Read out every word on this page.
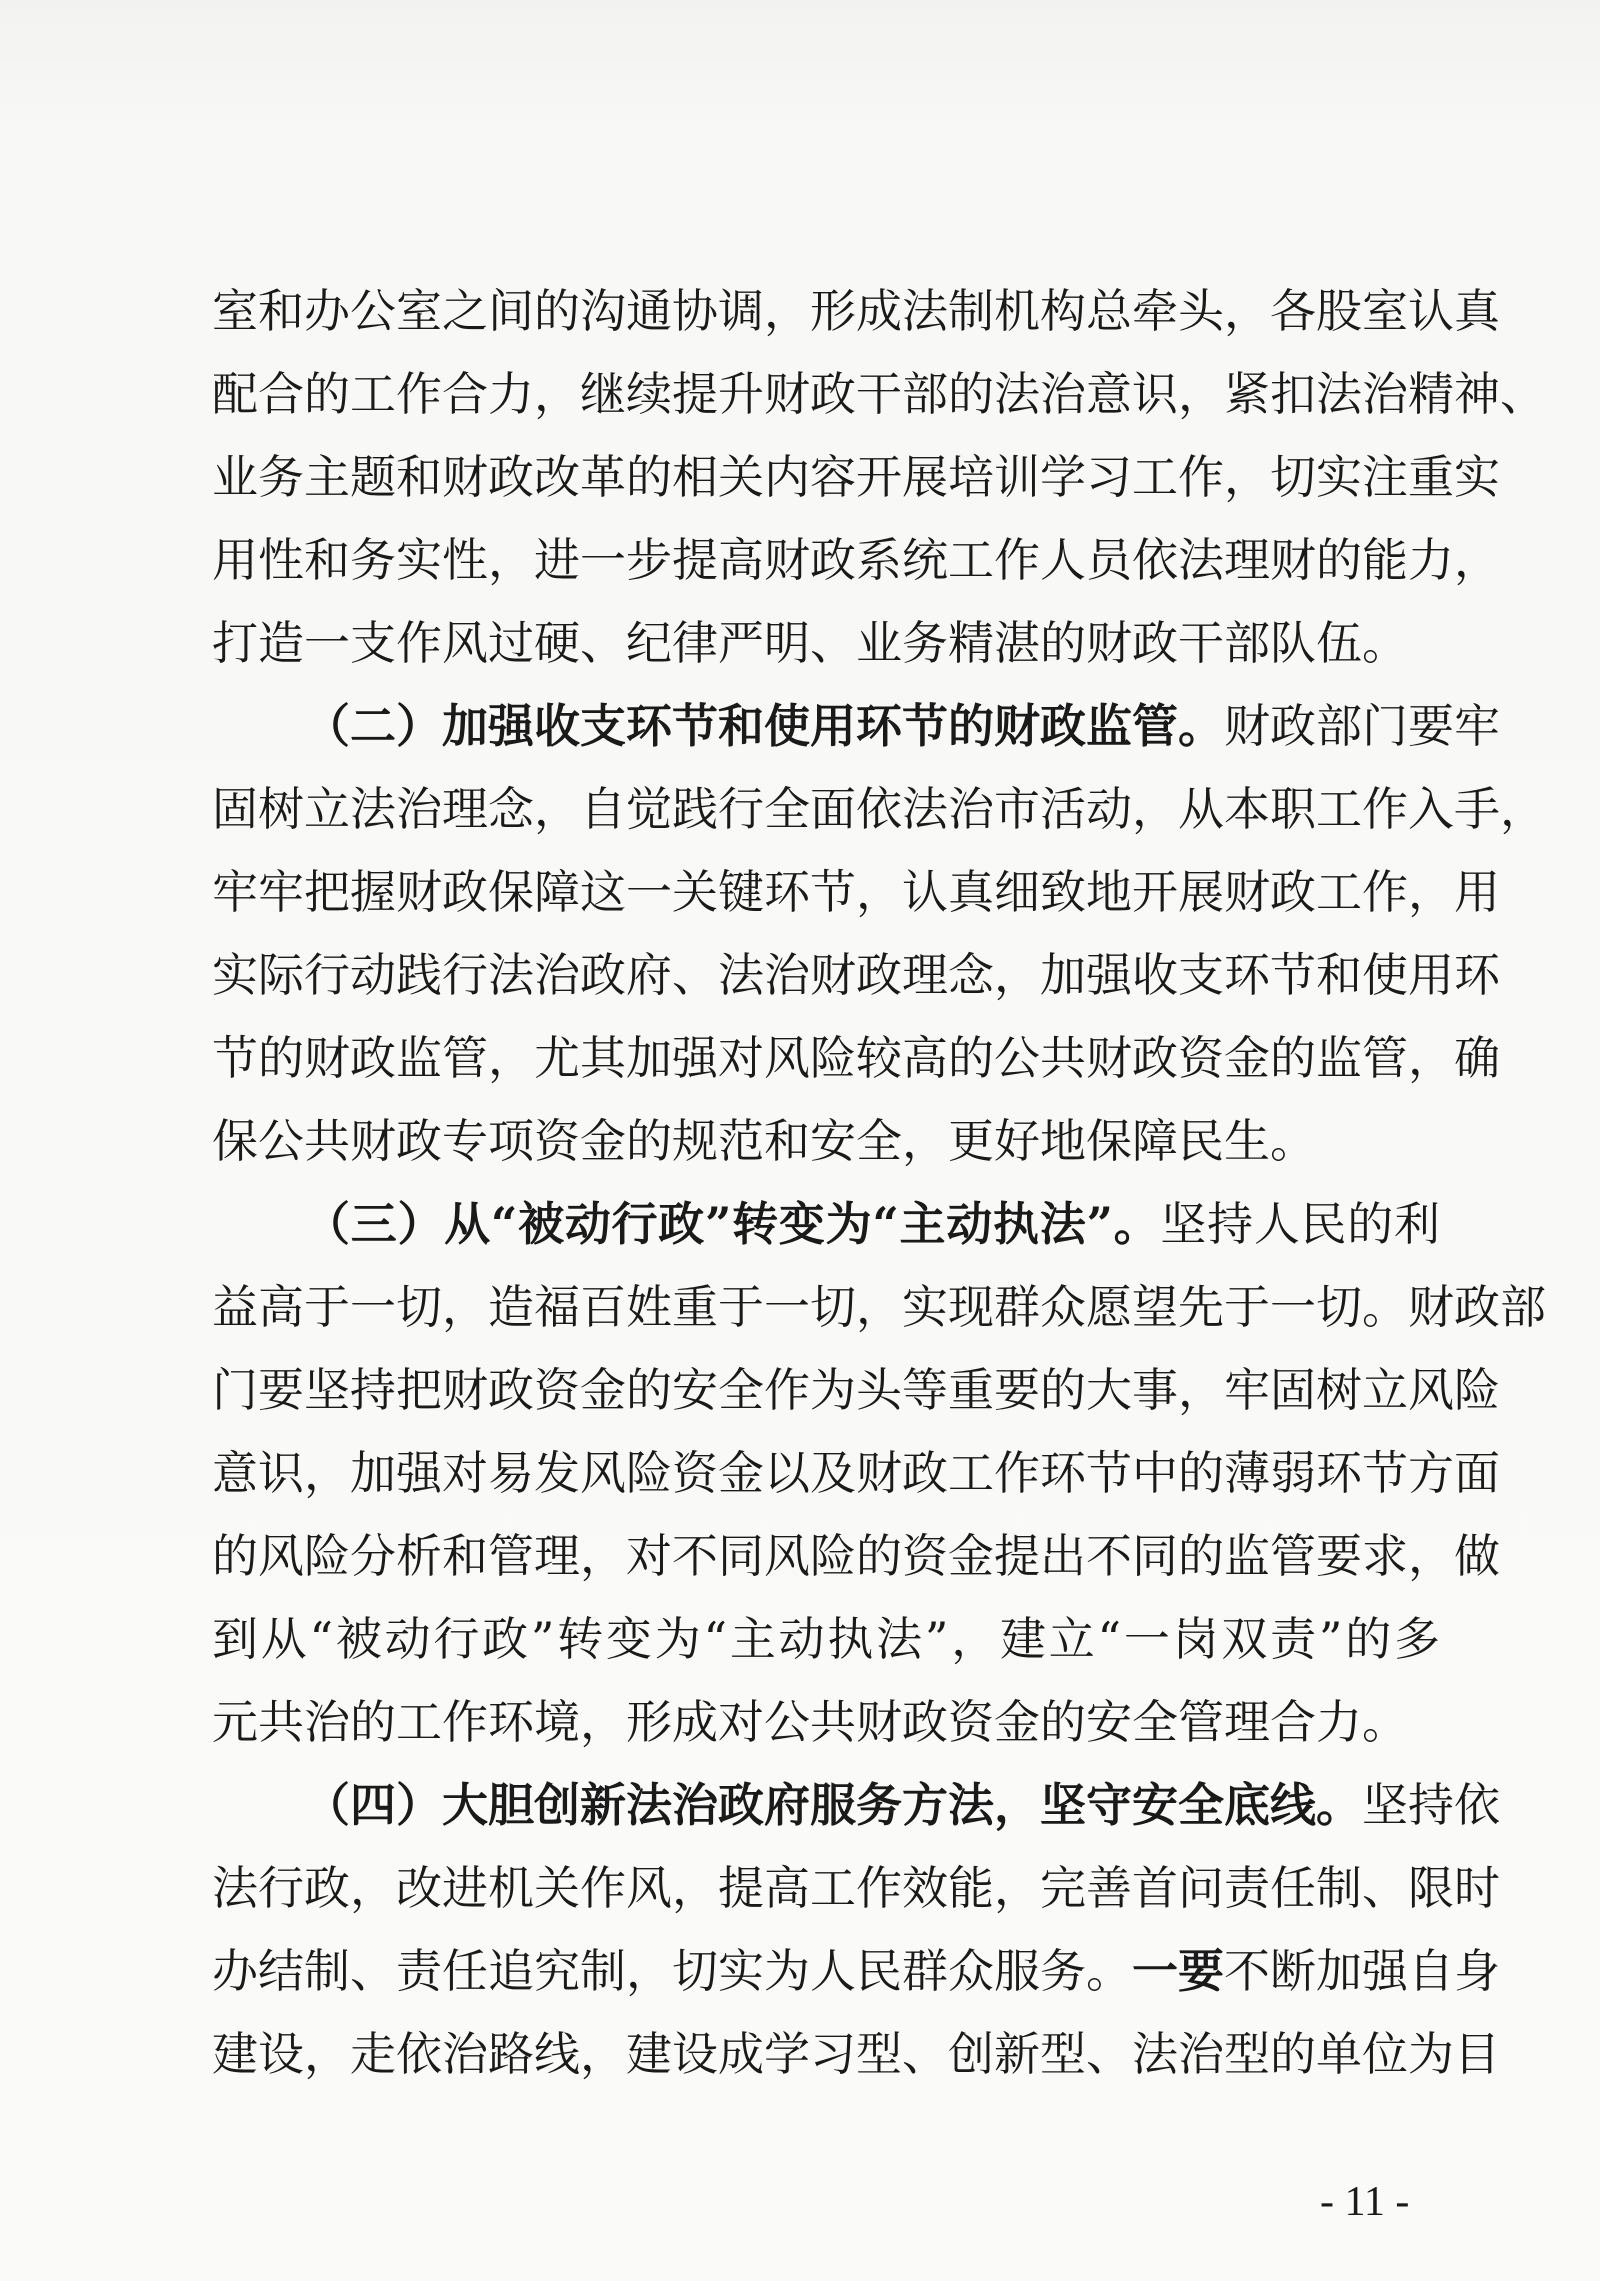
室和办公室之间的沟通协调，形成法制机构总牵头，各股室认真
配合的工作合力，继续提升财政干部的法治意识，紧扣法治精神、
业务主题和财政改革的相关内容开展培训学习工作，切实注重实
用性和务实性，进一步提高财政系统工作人员依法理财的能力，
打造一支作风过硬、纪律严明、业务精湛的财政干部队伍。
（二）加强收支环节和使用环节的财政监管。财政部门要牢
固树立法治理念，自觉践行全面依法治市活动，从本职工作入手，
牢牢把握财政保障这一关键环节，认真细致地开展财政工作，用
实际行动践行法治政府、法治财政理念，加强收支环节和使用环
节的财政监管，尤其加强对风险较高的公共财政资金的监管，确
保公共财政专项资金的规范和安全，更好地保障民生。
（三）从“被动行政”转变为“主动执法”。坚持人民的利
益高于一切，造福百姓重于一切，实现群众愿望先于一切。财政部
门要坚持把财政资金的安全作为头等重要的大事，牢固树立风险
意识，加强对易发风险资金以及财政工作环节中的薄弱环节方面
的风险分析和管理，对不同风险的资金提出不同的监管要求，做
到从“被动行政”转变为“主动执法”，建立“一岗双责”的多
元共治的工作环境，形成对公共财政资金的安全管理合力。
（四）大胆创新法治政府服务方法，坚守安全底线。坚持依
法行政，改进机关作风，提高工作效能，完善首问责任制、限时
办结制、责任追究制，切实为人民群众服务。一要不断加强自身
建设，走依治路线，建设成学习型、创新型、法治型的单位为目
- 11 -
